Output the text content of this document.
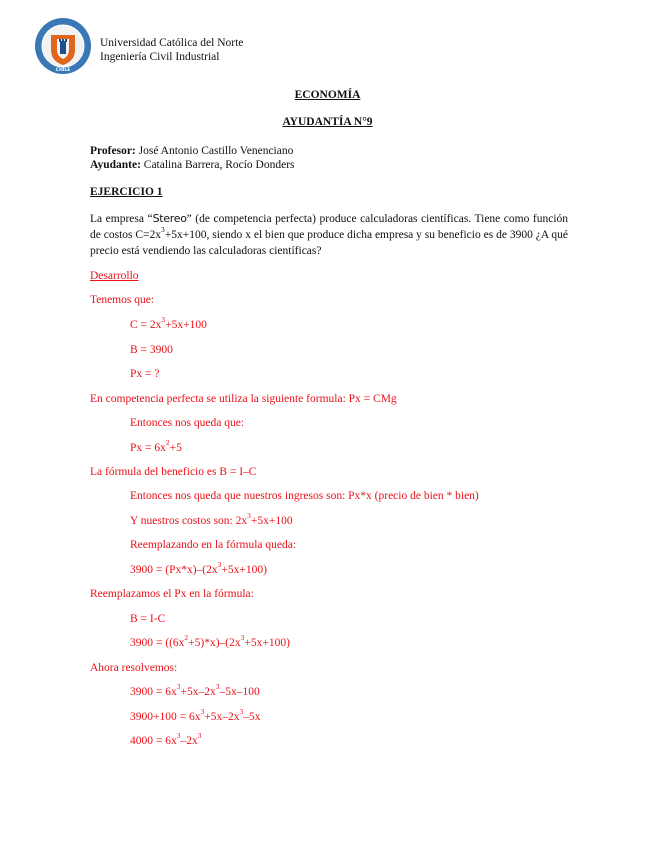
CHILE
Universidad Católica del Norte
Ingeniería Civil Industrial
ECONOMÍA
AYUDANTÍA N°9
Profesor: José Antonio Castillo Venenciano
Ayudante: Catalina Barrera, Rocío Donders
EJERCICIO 1
La empresa “Stereo” (de competencia perfecta) produce calculadoras científicas. Tiene como función de costos $C=2x^3+5x+100$, siendo x el bien que produce dicha empresa y su beneficio es de 3900 ¿A qué precio está vendiendo las calculadoras científicas?
Desarrollo
Tenemos que:
$C = 2x^3+5x+100$
B = 3900
Px = ?
En competencia perfecta se utiliza la siguiente formula: Px = CMg
Entonces nos queda que:
$Px = 6x^2+5$
La fórmula del beneficio es B = I–C
Entonces nos queda que nuestros ingresos son: Px*x (precio de bien * bien)
Y nuestros costos son: $2x^3+5x+100$
Reemplazando en la fórmula queda:
$3900 = (Px*x)-(2x^3+5x+100)$
Reemplazamos el Px en la fórmula:
B = I-C
$3900 = ((6x^2+5)*x)-(2x^3+5x+100)$
Ahora resolvemos:
$3900 = 6x^3+5x-2x^3-5x-100$
$3900+100 = 6x^3+5x-2x^3-5x$
$4000 = 6x^3-2x^3$
